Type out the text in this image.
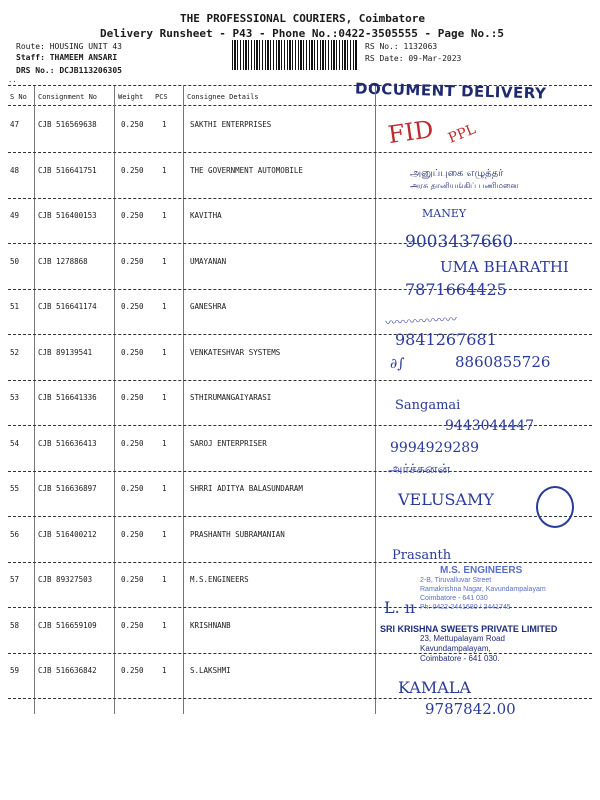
THE PROFESSIONAL COURIERS, Coimbatore
Delivery Runsheet - P43 - Phone No.:0422-3505555 - Page No.:5
Route: HOUSING UNIT 43
Staff: THAMEEM ANSARI
DRS No.: DCJB113206305
RS No.: 1132063
RS Date: 09-Mar-2023
..	DOCUMENT DELIVERY
S No Consignment No	Weight PCS	Consignee Details
47	CJB 516569638	0.250 1	SAKTHI ENTERPRISES
48	CJB 516641751	0.250 1	THE GOVERNMENT AUTOMOBILE
49	CJB 516400153	0.250 1	KAVITHA
50	CJB 1278868	0.250 1	UMAYANAN
51	CJB 516641174	0.250 1	GANESHRA
52	CJB 89139541	0.250 1	VENKATESHVAR SYSTEMS
53	CJB 516641336	0.250 1	STHIRUMANGAIYARASI
54	CJB 516636413	0.250 1	SAROJ ENTERPRISER
55	CJB 516636897	0.250 1	SHRRI ADITYA BALASUNDARAM
56	CJB 516400212	0.250 1	PRASHANTH SUBRAMANIAN
57	CJB 89327503	0.250 1	M.S.ENGINEERS
58	CJB 516659109	0.250 1	KRISHNANB
59	CJB 516636842	0.250 1	S.LAKSHMI
FID PPL
அனுப்புகை எழுத்தர்
அரசு தானியங்கிப் பணிமனை
MANEY
9003437660
UMA BHARATHI
7871664425
〰〰〰〰〰〰
9841267681
∂∫	8860855726
Sangamai
9443044447
9994929289
அர்ச்சுனன்
VELUSAMY
Prasanth
L. ıı
KAMALA
9787842.00
M.S. ENGINEERS
2-B, Tiruvalluvar Street
Ramakrishna Nagar, Kavundampalayam
Coimbatore - 641 030
Ph: 0422-2441680 / 2441745
SRI KRISHNA SWEETS PRIVATE LIMITED
23, Mettupalayam Road
Kavundampalayam,
Coimbatore - 641 030.
